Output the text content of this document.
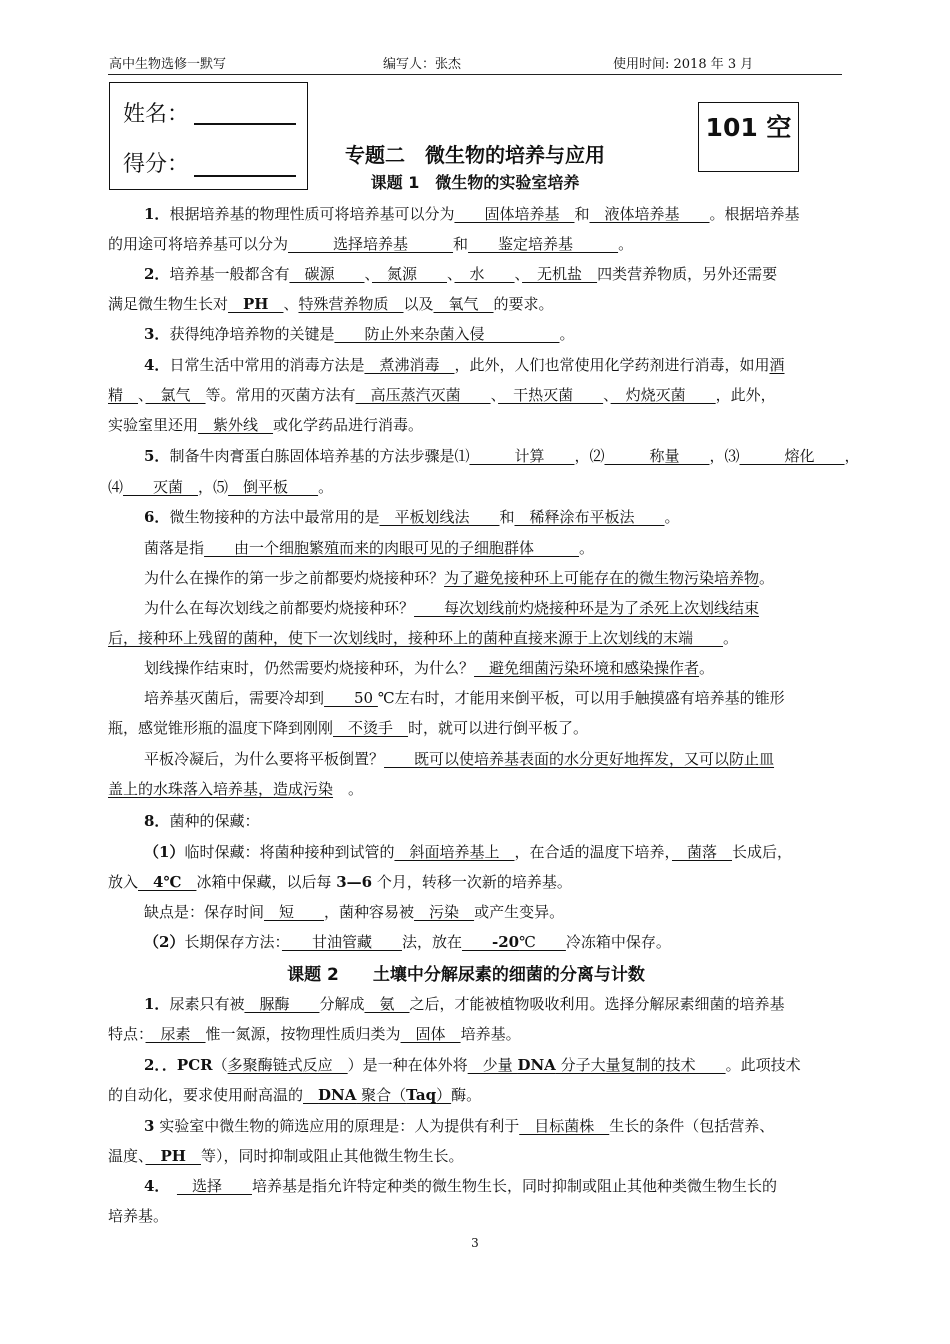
高中生物选修一默写	编写人：张杰	使用时间: 2018 年 3 月
姓名：
得分：
101 空
专题二　微生物的培养与应用
课题 1　微生物的实验室培养
课题 2　　土壤中分解尿素的细菌的分离与计数
1．根据培养基的物理性质可将培养基可以分为　　固体培养基　和　液体培养基　　。根据培养基
的用途可将培养基可以分为　　　选择培养基　　　和　　鉴定培养基　　　。
2．培养基一般都含有　碳源　　、　氮源　　、　水　　、　无机盐　四类营养物质，另外还需要
满足微生物生长对　PH　、特殊营养物质　以及　氧气　的要求。
3．获得纯净培养物的关键是　　防止外来杂菌入侵　　　　　。
4．日常生活中常用的消毒方法是　煮沸消毒　，此外，人们也常使用化学药剂进行消毒，如用酒
精　、　氯气　等。常用的灭菌方法有　高压蒸汽灭菌　　、　干热灭菌　　、　灼烧灭菌　　，此外，
实验室里还用　紫外线　或化学药品进行消毒。
5．制备牛肉膏蛋白胨固体培养基的方法步骤是⑴　　　计算　　，⑵　　　称量　　，⑶　　　熔化　　，
⑷　　灭菌　，⑸　倒平板　　。
6．微生物接种的方法中最常用的是　平板划线法　　和　稀释涂布平板法　　。
菌落是指　　由一个细胞繁殖而来的肉眼可见的子细胞群体　　　。
为什么在操作的第一步之前都要灼烧接种环？为了避免接种环上可能存在的微生物污染培养物。
为什么在每次划线之前都要灼烧接种环？　　每次划线前灼烧接种环是为了杀死上次划线结束
后，接种环上残留的菌种，使下一次划线时，接种环上的菌种直接来源于上次划线的末端　　 。
划线操作结束时，仍然需要灼烧接种环，为什么？　避免细菌污染环境和感染操作者。
培养基灭菌后，需要冷却到　　50 ℃左右时，才能用来倒平板，可以用手触摸盛有培养基的锥形
瓶，感觉锥形瓶的温度下降到刚刚　不烫手　时，就可以进行倒平板了。
平板冷凝后，为什么要将平板倒置？　　既可以使培养基表面的水分更好地挥发，又可以防止皿
盖上的水珠落入培养基，造成污染　。
8．菌种的保藏：
（1）临时保藏：将菌种接种到试管的　斜面培养基上　，在合适的温度下培养，　菌落　长成后，
放入　4℃　冰箱中保藏，以后每 3—6 个月，转移一次新的培养基。
缺点是：保存时间　短　　，菌种容易被　污染　或产生变异。
（2）长期保存方法：　　甘油管藏　　法，放在　　 -20℃　　冷冻箱中保存。
1．尿素只有被　脲酶　　分解成　氨　之后，才能被植物吸收利用。选择分解尿素细菌的培养基
特点：　尿素　惟一氮源，按物理性质归类为　固体　培养基。
2．．PCR（多聚酶链式反应　）是一种在体外将　少量 DNA 分子大量复制的技术　　。此项技术
的自动化，要求使用耐高温的　 DNA 聚合（Taq）酶。
3 实验室中微生物的筛选应用的原理是：人为提供有利于　目标菌株　生长的条件（包括营养、
温度、　 PH　 等），同时抑制或阻止其他微生物生长。
4．　　选择　　培养基是指允许特定种类的微生物生长，同时抑制或阻止其他种类微生物生长的
培养基。
3
